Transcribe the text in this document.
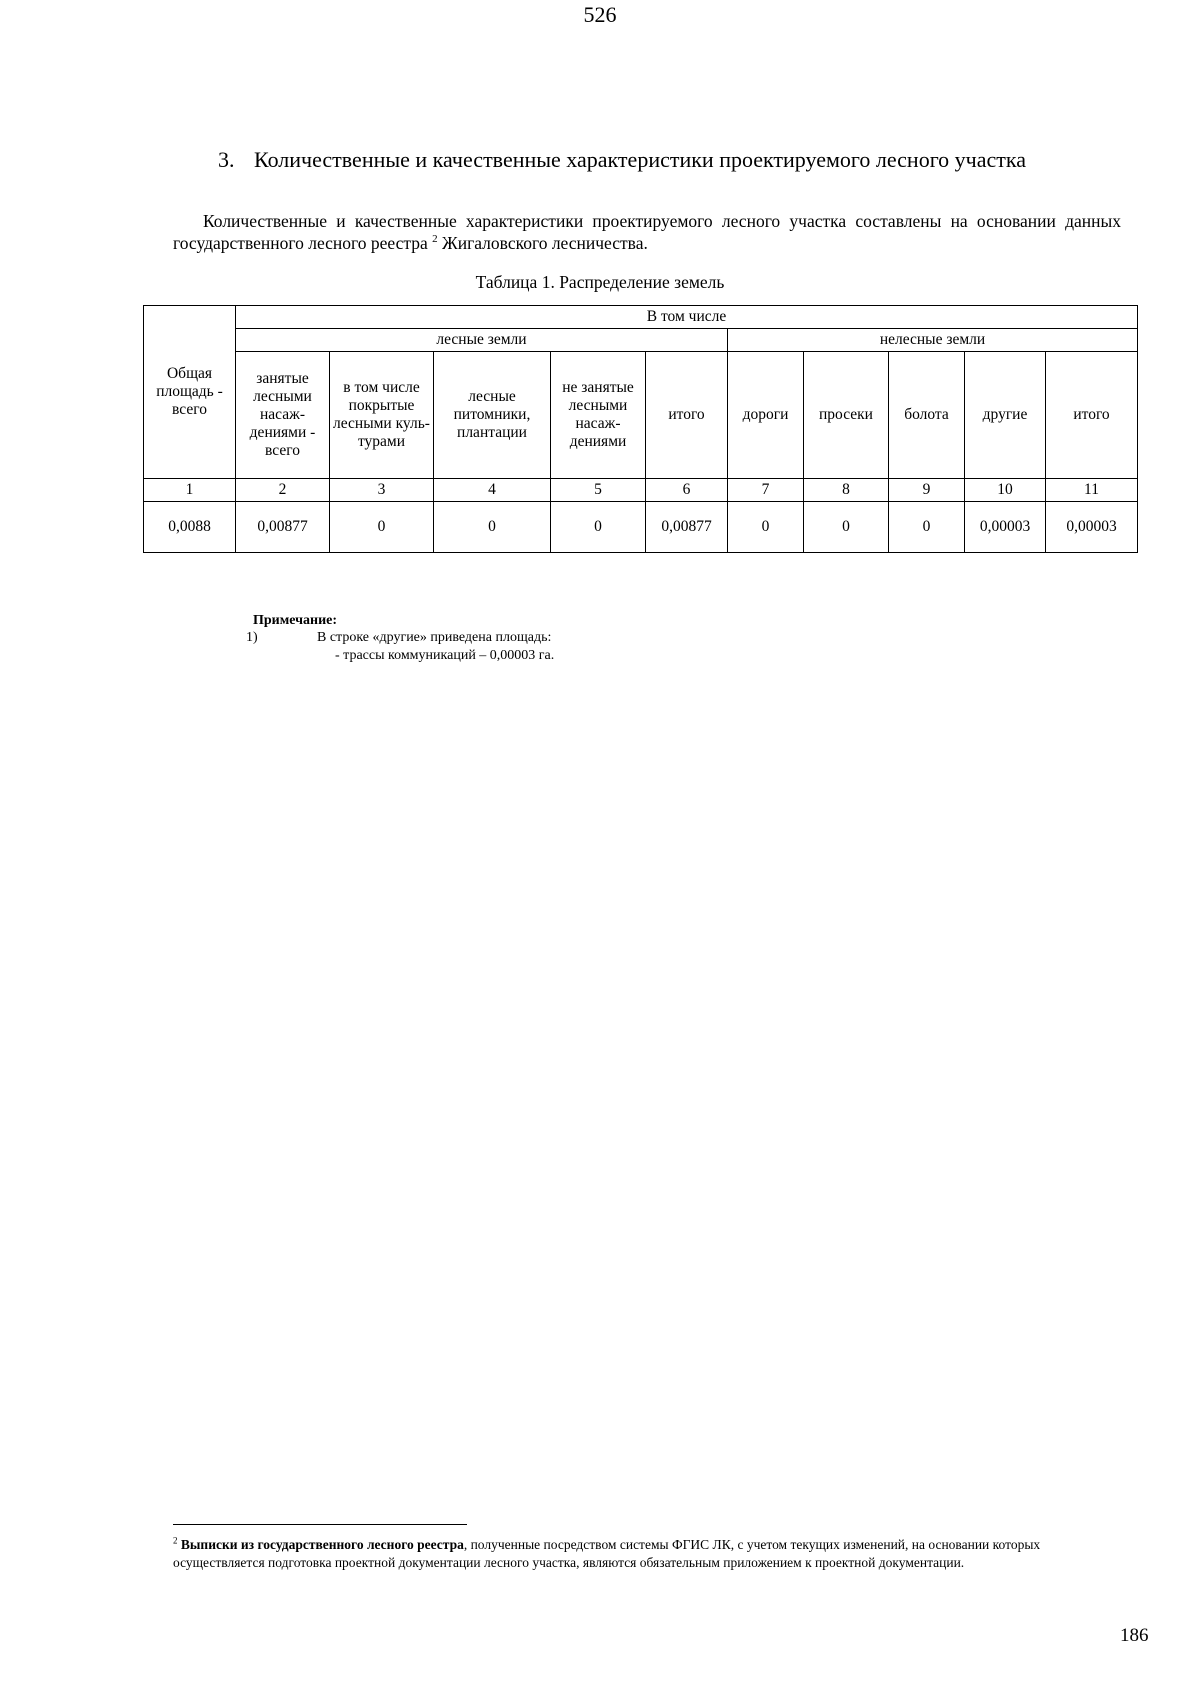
526
3. Количественные и качественные характеристики проектируемого лесного участка
Количественные и качественные характеристики проектируемого лесного участка составлены на основании данных государственного лесного реестра $^2$ Жигаловского лесничества.
Таблица 1. Распределение земель
Общая площадь - всего	В том числе									
	лесные земли					нелесные земли				
	занятые лесными насаж-дениями - всего	в том числе покрытые лесными куль-турами	лесные питомники, плантации	не занятые лесными насаж-дениями	итого	дороги	просеки	болота	другие	итого
1	2	3	4	5	6	7	8	9	10	11
0,0088	0,00877	0	0	0	0,00877	0	0	0	0,00003	0,00003
Примечание:
1)	В строке «другие» приведена площадь:
- трассы коммуникаций – 0,00003 га.
$^2$ Выписки из государственного лесного реестра, полученные посредством системы ФГИС ЛК, с учетом текущих изменений, на основании которых осуществляется подготовка проектной документации лесного участка, являются обязательным приложением к проектной документации.
186
